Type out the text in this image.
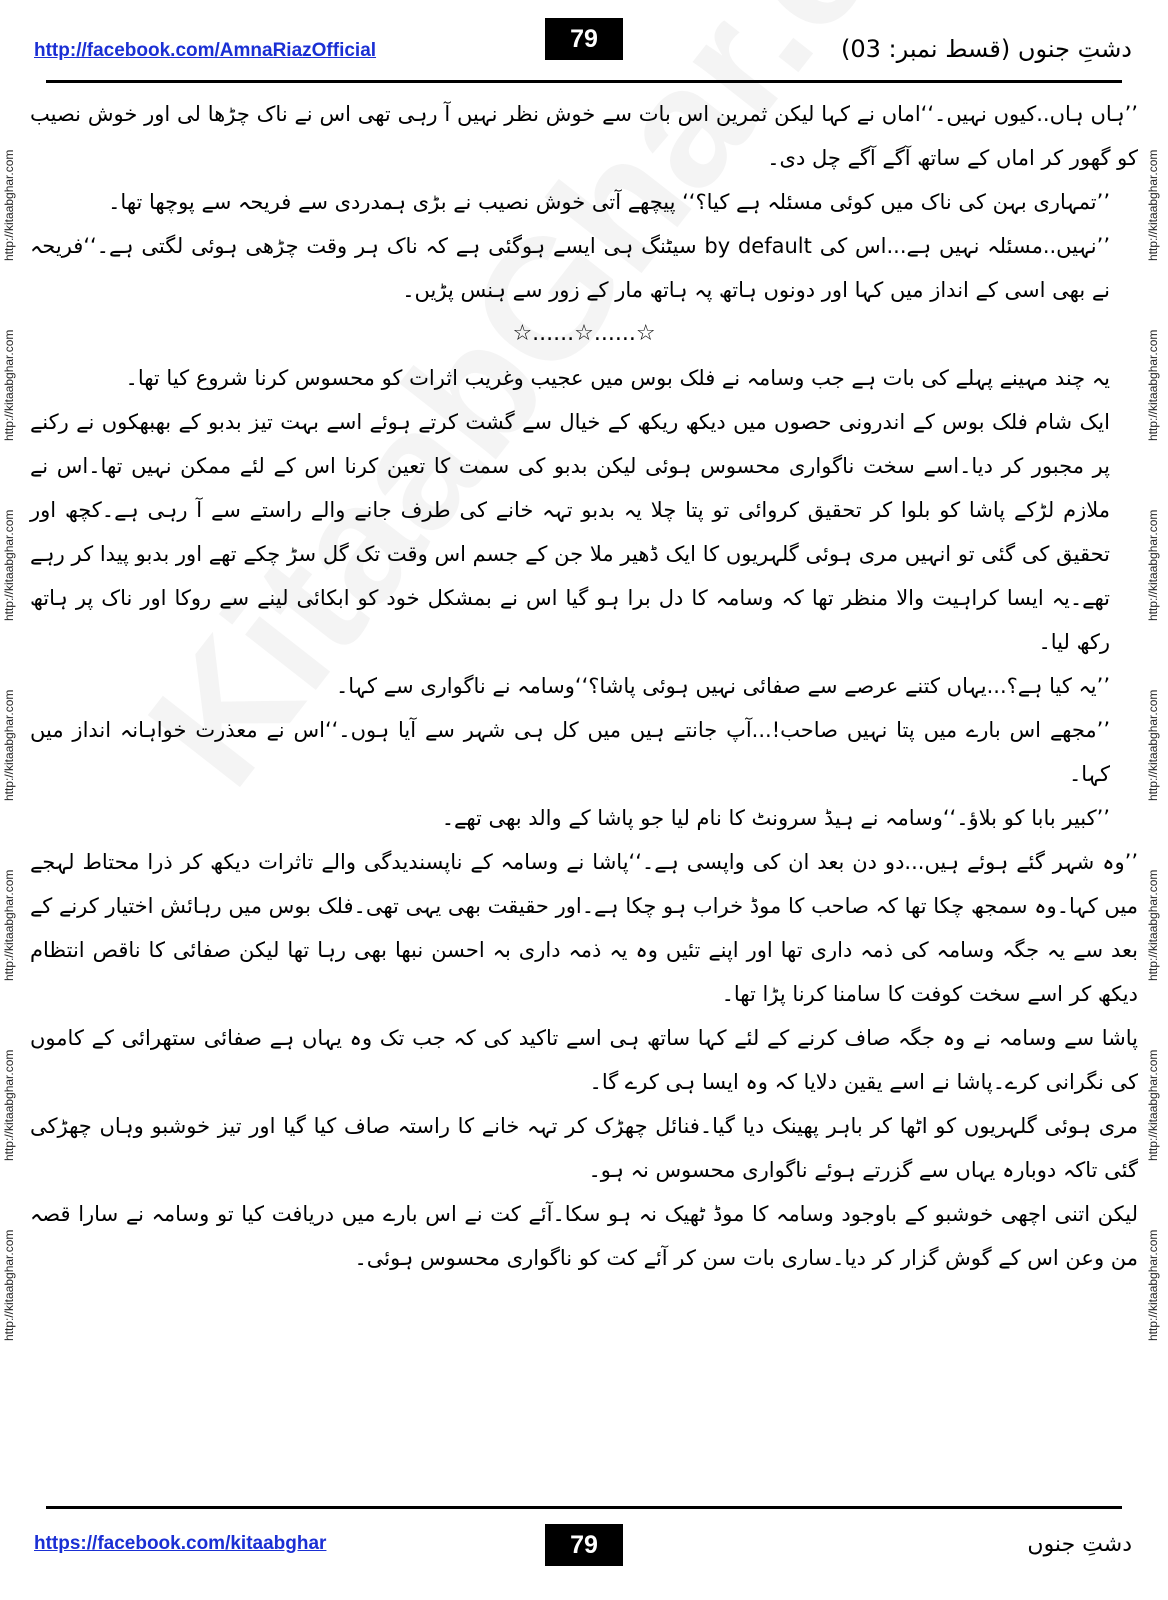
http://facebook.com/AmnaRiazOfficial	79	دشتِ جنوں (قسط نمبر: 03)
http://kitaabghar.com
http://kitaabghar.com
http://kitaabghar.com
http://kitaabghar.com
http://kitaabghar.com
http://kitaabghar.com
http://kitaabghar.com
http://kitaabghar.com
http://kitaabghar.com
http://kitaabghar.com
http://kitaabghar.com
http://kitaabghar.com
http://kitaabghar.com
http://kitaabghar.com

’’ہاں ہاں..کیوں نہیں۔‘‘اماں نے کہا لیکن ثمرین اس بات سے خوش نظر نہیں آ رہی تھی اس نے ناک چڑھا لی اور خوش نصیب کو گھور کر اماں کے ساتھ آگے آگے چل دی۔

’’تمہاری بہن کی ناک میں کوئی مسئلہ ہے کیا؟‘‘ پیچھے آتی خوش نصیب نے بڑی ہمدردی سے فریحہ سے پوچھا تھا۔

’’نہیں..مسئلہ نہیں ہے...اس کی by default سیٹنگ ہی ایسے ہوگئی ہے کہ ناک ہر وقت چڑھی ہوئی لگتی ہے۔‘‘فریحہ نے بھی اسی کے انداز میں کہا اور دونوں ہاتھ پہ ہاتھ مار کے زور سے ہنس پڑیں۔

☆......☆......☆

یہ چند مہینے پہلے کی بات ہے جب وسامہ نے فلک بوس میں عجیب وغریب اثرات کو محسوس کرنا شروع کیا تھا۔

ایک شام فلک بوس کے اندرونی حصوں میں دیکھ ریکھ کے خیال سے گشت کرتے ہوئے اسے بہت تیز بدبو کے بھبھکوں نے رکنے پر مجبور کر دیا۔اسے سخت ناگواری محسوس ہوئی لیکن بدبو کی سمت کا تعین کرنا اس کے لئے ممکن نہیں تھا۔اس نے ملازم لڑکے پاشا کو بلوا کر تحقیق کروائی تو پتا چلا یہ بدبو تہہ خانے کی طرف جانے والے راستے سے آ رہی ہے۔کچھ اور تحقیق کی گئی تو انہیں مری ہوئی گلہریوں کا ایک ڈھیر ملا جن کے جسم اس وقت تک گل سڑ چکے تھے اور بدبو پیدا کر رہے تھے۔یہ ایسا کراہیت والا منظر تھا کہ وسامہ کا دل برا ہو گیا اس نے بمشکل خود کو ابکائی لینے سے روکا اور ناک پر ہاتھ رکھ لیا۔

’’یہ کیا ہے؟...یہاں کتنے عرصے سے صفائی نہیں ہوئی پاشا؟‘‘وسامہ نے ناگواری سے کہا۔

’’مجھے اس بارے میں پتا نہیں صاحب!...آپ جانتے ہیں میں کل ہی شہر سے آیا ہوں۔‘‘اس نے معذرت خواہانہ انداز میں کہا۔

’’کبیر بابا کو بلاؤ۔‘‘وسامہ نے ہیڈ سرونٹ کا نام لیا جو پاشا کے والد بھی تھے۔

’’وہ شہر گئے ہوئے ہیں...دو دن بعد ان کی واپسی ہے۔‘‘پاشا نے وسامہ کے ناپسندیدگی والے تاثرات دیکھ کر ذرا محتاط لہجے میں کہا۔وہ سمجھ چکا تھا کہ صاحب کا موڈ خراب ہو چکا ہے۔اور حقیقت بھی یہی تھی۔فلک بوس میں رہائش اختیار کرنے کے بعد سے یہ جگہ وسامہ کی ذمہ داری تھا اور اپنے تئیں وہ یہ ذمہ داری بہ احسن نبھا بھی رہا تھا لیکن صفائی کا ناقص انتظام دیکھ کر اسے سخت کوفت کا سامنا کرنا پڑا تھا۔

پاشا سے وسامہ نے وہ جگہ صاف کرنے کے لئے کہا ساتھ ہی اسے تاکید کی کہ جب تک وہ یہاں ہے صفائی ستھرائی کے کاموں کی نگرانی کرے۔پاشا نے اسے یقین دلایا کہ وہ ایسا ہی کرے گا۔

مری ہوئی گلہریوں کو اٹھا کر باہر پھینک دیا گیا۔فنائل چھڑک کر تہہ خانے کا راستہ صاف کیا گیا اور تیز خوشبو وہاں چھڑکی گئی تاکہ دوبارہ یہاں سے گزرتے ہوئے ناگواری محسوس نہ ہو۔

لیکن اتنی اچھی خوشبو کے باوجود وسامہ کا موڈ ٹھیک نہ ہو سکا۔آئے کت نے اس بارے میں دریافت کیا تو وسامہ نے سارا قصہ من وعن اس کے گوش گزار کر دیا۔ساری بات سن کر آئے کت کو ناگواری محسوس ہوئی۔

https://facebook.com/kitaabghar	79	دشتِ جنوں
